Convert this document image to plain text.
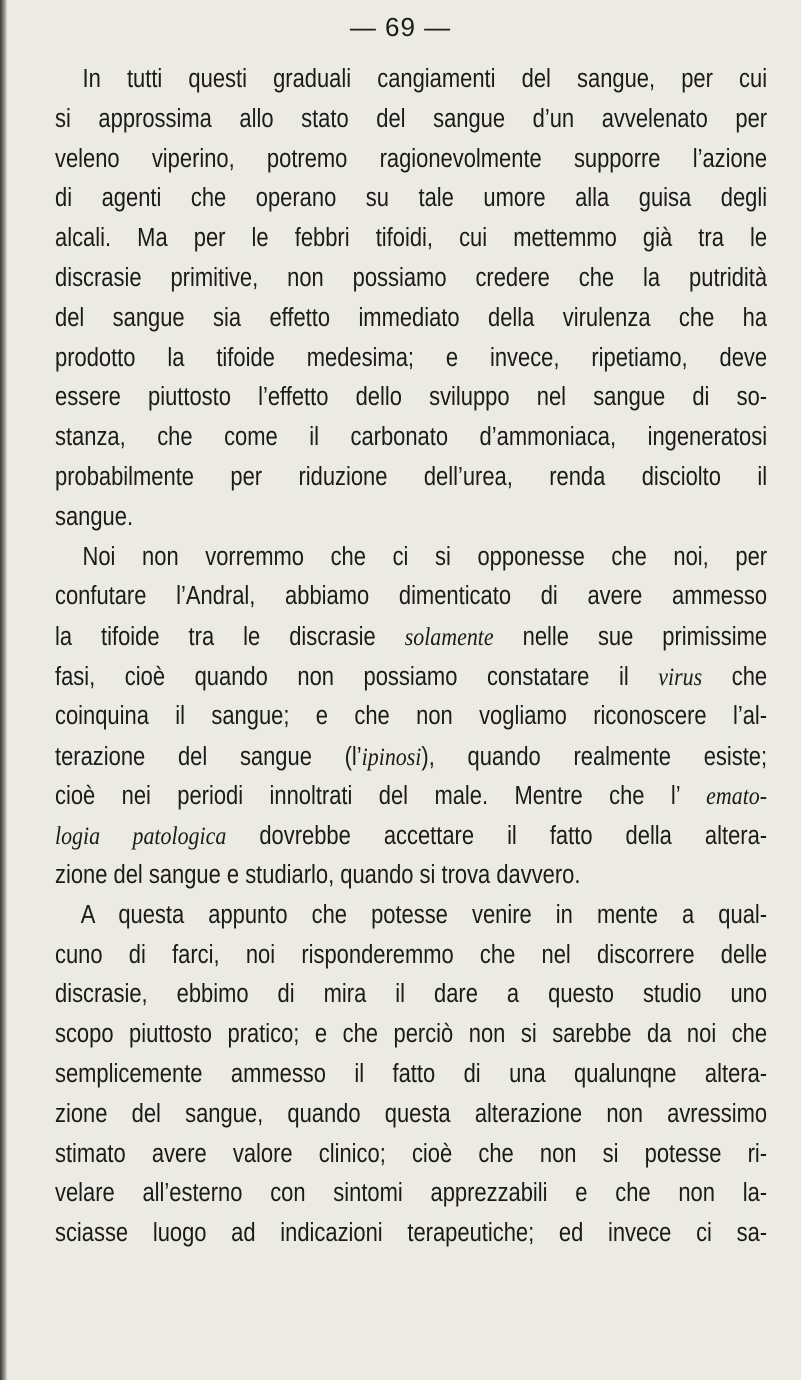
— 69 —
In tutti questi graduali cangiamenti del sangue, per cui
si approssima allo stato del sangue d’un avvelenato per
veleno viperino, potremo ragionevolmente supporre l’azione
di agenti che operano su tale umore alla guisa degli
alcali. Ma per le febbri tifoidi, cui mettemmo già tra le
discrasie primitive, non possiamo credere che la putridità
del sangue sia effetto immediato della virulenza che ha
prodotto la tifoide medesima; e invece, ripetiamo, deve
essere piuttosto l’effetto dello sviluppo nel sangue di so-
stanza, che come il carbonato d’ammoniaca, ingeneratosi
probabilmente per riduzione dell’urea, renda disciolto il
sangue.
Noi non vorremmo che ci si opponesse che noi, per
confutare l’Andral, abbiamo dimenticato di avere ammesso
la tifoide tra le discrasie solamente nelle sue primissime
fasi, cioè quando non possiamo constatare il virus che
coinquina il sangue; e che non vogliamo riconoscere l’al-
terazione del sangue (l’ipinosi), quando realmente esiste;
cioè nei periodi innoltrati del male. Mentre che l’ emato-
logia patologica dovrebbe accettare il fatto della altera-
zione del sangue e studiarlo, quando si trova davvero.
A questa appunto che potesse venire in mente a qual-
cuno di farci, noi risponderemmo che nel discorrere delle
discrasie, ebbimo di mira il dare a questo studio uno
scopo piuttosto pratico; e che perciò non si sarebbe da noi che
semplicemente ammesso il fatto di una qualunqne altera-
zione del sangue, quando questa alterazione non avressimo
stimato avere valore clinico; cioè che non si potesse ri-
velare all’esterno con sintomi apprezzabili e che non la-
sciasse luogo ad indicazioni terapeutiche; ed invece ci sa-
